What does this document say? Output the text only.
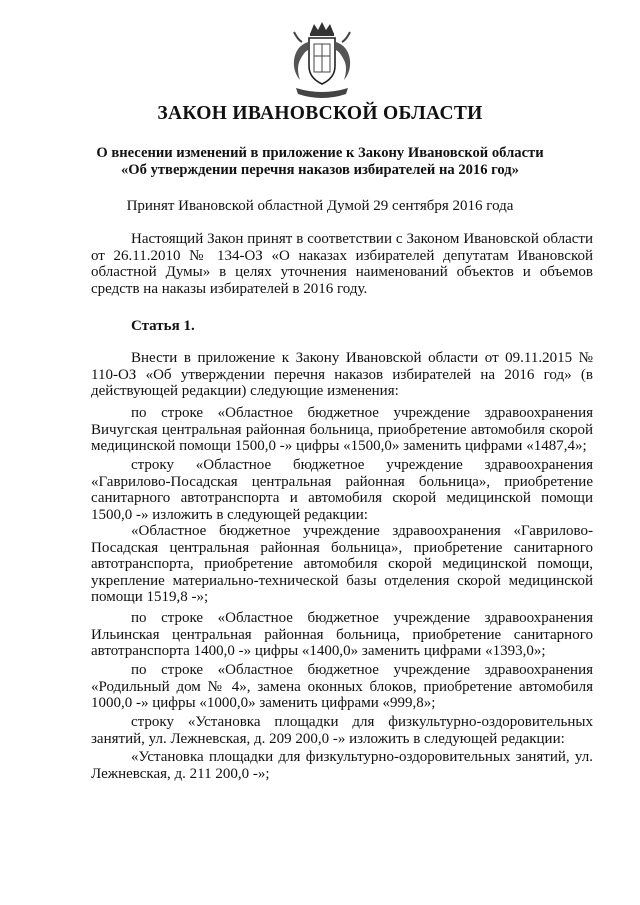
ЗАКОН ИВАНОВСКОЙ ОБЛАСТИ
О внесении изменений в приложение к Закону Ивановской области
«Об утверждении перечня наказов избирателей на 2016 год»
Принят Ивановской областной Думой 29 сентября 2016 года

Настоящий Закон принят в соответствии с Законом Ивановской области от 26.11.2010 № 134-ОЗ «О наказах избирателей депутатам Ивановской областной Думы» в целях уточнения наименований объектов и объемов средств на наказы избирателей в 2016 году.

Статья 1.

Внести в приложение к Закону Ивановской области от 09.11.2015 № 110-ОЗ «Об утверждении перечня наказов избирателей на 2016 год» (в действующей редакции) следующие изменения:

по строке «Областное бюджетное учреждение здравоохранения Вичугская центральная районная больница, приобретение автомобиля скорой медицинской помощи 1500,0 -» цифры «1500,0» заменить цифрами «1487,4»;

строку «Областное бюджетное учреждение здравоохранения «Гаврилово-Посадская центральная районная больница», приобретение санитарного автотранспорта и автомобиля скорой медицинской помощи 1500,0 -» изложить в следующей редакции:

«Областное бюджетное учреждение здравоохранения «Гаврилово-Посадская центральная районная больница», приобретение санитарного автотранспорта, приобретение автомобиля скорой медицинской помощи, укрепление материально-технической базы отделения скорой медицинской помощи 1519,8 -»;

по строке «Областное бюджетное учреждение здравоохранения Ильинская центральная районная больница, приобретение санитарного автотранспорта 1400,0 -» цифры «1400,0» заменить цифрами «1393,0»;

по строке «Областное бюджетное учреждение здравоохранения «Родильный дом № 4», замена оконных блоков, приобретение автомобиля 1000,0 -» цифры «1000,0» заменить цифрами «999,8»;

строку «Установка площадки для физкультурно-оздоровительных занятий, ул. Лежневская, д. 209 200,0 -» изложить в следующей редакции:

«Установка площадки для физкультурно-оздоровительных занятий, ул. Лежневская, д. 211 200,0 -»;
